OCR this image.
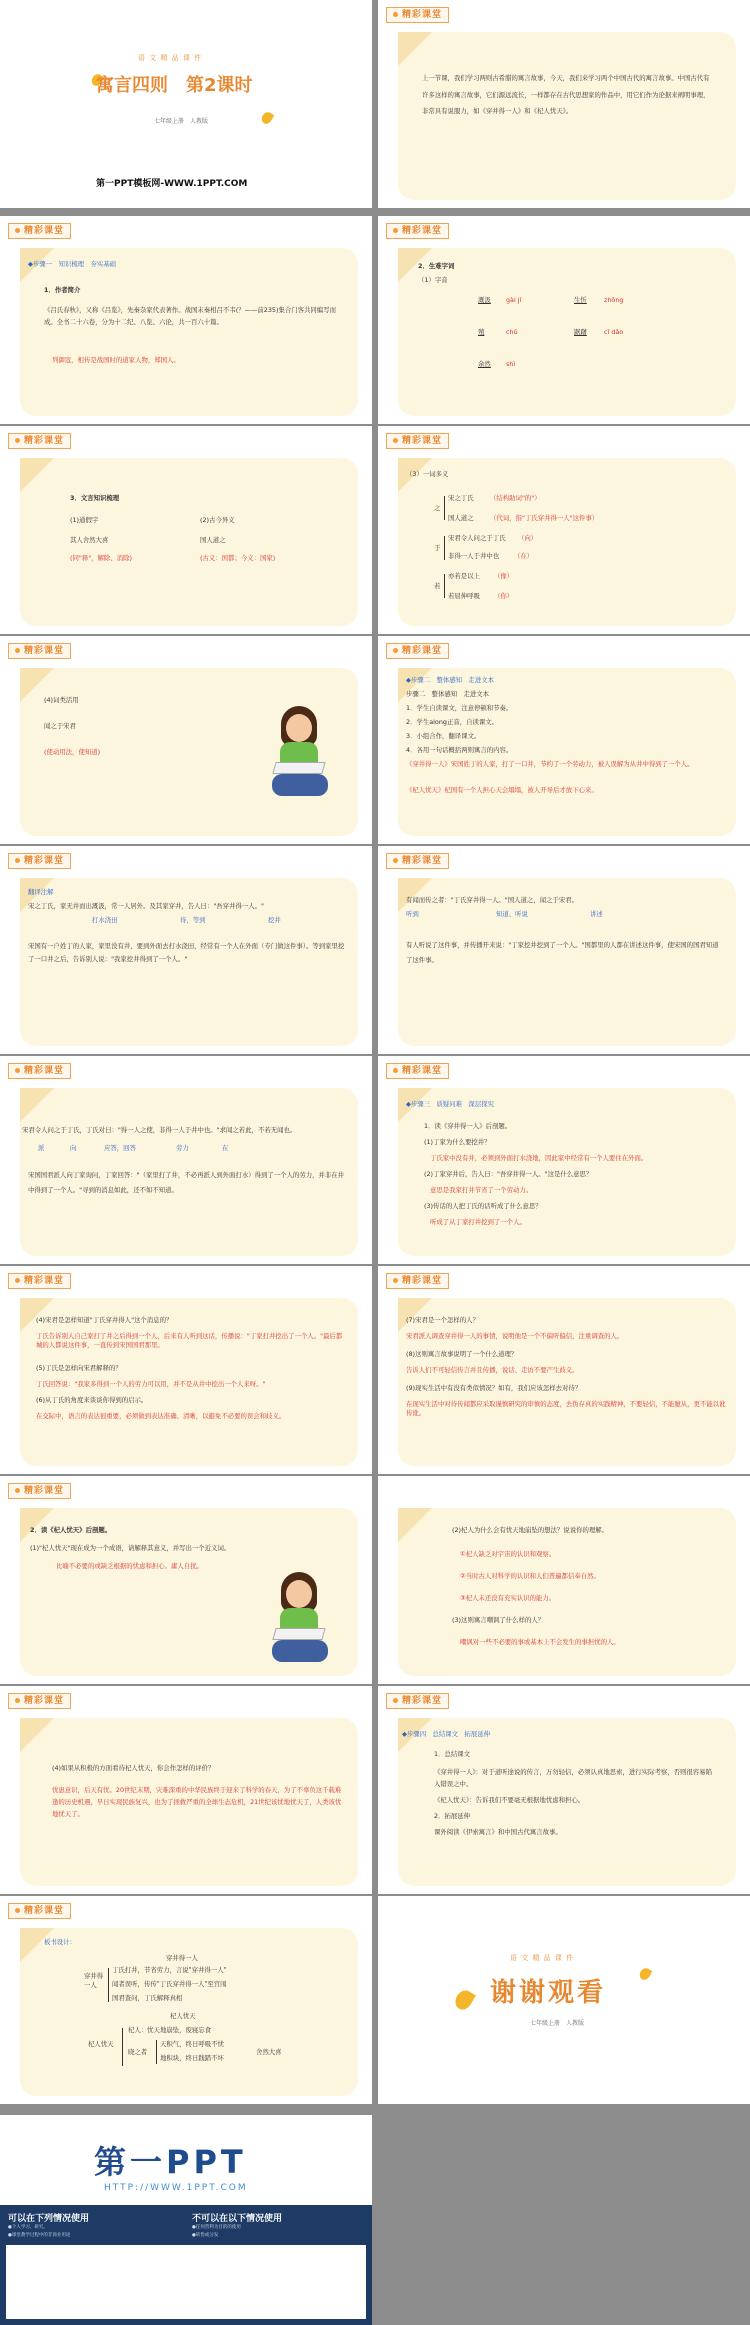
语 文 精 品 课 件
寓言四则　第2课时
七年级上册　人教版
第一PPT模板网-WWW.1PPT.COM
精彩课堂
上一节课，我们学习两则古希腊的寓言故事，今天，我们来学习两个中国古代的寓言故事。中国古代有许多这样的寓言故事，它们源远流长，一样都存在古代思想家的作品中，用它们作为论据来阐明事理，非常具有说服力，如《穿井得一人》和《杞人忧天》。
精彩课堂
◆步骤一　知识梳理　夯实基础
1．作者简介
《吕氏春秋》，又称《吕览》，先秦杂家代表著作。战国末秦相吕不韦(？——前235)集合门客共同编写而成。全书二十六卷，分为十二纪、八览、六论，共一百六十篇。
列御寇，相传是战国时的道家人物，郑国人。
精彩课堂
2．生难字词
（1）字音
溉汲 gài jí	生忻	zhōng
殖	chǔ	踞躇	cǐ dǎo
余然 shì
精彩课堂
3．文言知识梳理
(1)通假字	(2)古今异义
其人舍然大喜	国人道之
(同"释"，解除、消除)	(古义：国都；今义：国家)
精彩课堂
（3）一词多义
之
宋之丁氏	（结构助词"的"）
国人道之	（代词，指"丁氏穿井得一人"这件事）
于
宋君令人问之于丁氏 （向）
非得一人于井中也 （在）
若
亦若是以上 （像）
若屈伸呼吸 （你）
精彩课堂
(4)词类活用
闻之于宋君
(使动用法，使知道)
精彩课堂
◆步骤二　整体感知　走进文本
步骤二　整体感知　走进文本
1．学生自读课文，注意停顿和节奏。
2．学生along正音，自读课文。
3．小组合作，翻译课文。
4．各用一句话概括两则寓言的内容。
《穿井得一人》宋国姓丁的人家，打了一口井，节约了一个劳动力，被人误解为从井中得到了一个人。
《杞人忧天》杞国有一个人担心天会塌塌，被人开导后才放下心来。
精彩课堂
翻译注解
宋之丁氏，家无井而出溉汲，常一人居外。及其家穿井，告人曰："吾穿井得一人。"
打水浇田	待，等到	挖井
宋国有一户姓丁的人家，家里没有井，要到外面去打水浇田，经常有一个人在外面（专门做这件事）。等到家里挖了一口井之后，告诉别人说："我家挖井得到了一个人。"
精彩课堂
有闻而传之者："丁氏穿井得一人。"国人道之，闻之于宋君。
听到	知道、听说	讲述
有人听说了这件事，并传播开来说："丁家挖井挖到了一个人。"国都里的人都在讲述这件事，使宋国的国君知道了这件事。
精彩课堂
宋君令人问之于丁氏，丁氏对曰："得一人之使，非得一人于井中也。"求闻之若此，不若无闻也。
派	向	应答，回答	劳力	在
宋国国君派人向丁家询问，丁家回答："（家里打了井，不必再派人到外面打水）得到了一个人的劳力，并非在井中得到了一个人。"寻到的消息如此，还不如不知道。
精彩课堂
◆步骤三　质疑问难　深层探究
1．读《穿井得一人》后剖题。
(1)丁家为什么要挖井？
丁氏家中没有井，必须到外面打水浇地，因此家中经常有一个人要住在外面。
(2)丁家穿井后，告人曰："吾穿井得一人。"这是什么意思？
意思是我家打井节省了一个劳动力。
(3)传话的人把丁氏的话听成了什么意思？
听成了从丁家打井挖到了一个人。
精彩课堂
(4)宋君是怎样知道"丁氏穿井得人"这个消息的？
丁氏告诉别人自己家打了井之后得到一个人，后来有人听到这话，传播说："丁家打井挖出了一个人。"最后都城的人都说这件事，一直传到宋国国君那里。
(5)丁氏是怎样向宋君解释的？
丁氏回答说："我家多得到一个人的劳力可以用，并不是从井中挖出一个人来呀。"
(6)从丁氏的角度来谈谈你得到的启示。
在交际中，语言的表达很重要，必须做到表达准确、清晰，以避免不必要的误会和歧义。
精彩课堂
(7)宋君是一个怎样的人？
宋君派人调查穿井得一人的事情，说明他是一个不偏听偏信，注重调查的人。
(8)这则寓言故事说明了一个什么道理？
告诉人们不可轻信传言并且传播，说话、走访不要产生歧义。
(9)现实生活中有没有类似情况？如有，我们应该怎样去对待？
在现实生活中对待传闻都应采取谨慎研究的审慎的态度，去伪存真的实践精神，不要轻信，不能臆从，更不能以讹传讹。
精彩课堂
2．读《杞人忧天》后剖题。
(1)"杞人忧天"现在成为一个成语，请解释其意义，并写出一个近义词。
比喻不必要的或缺乏根据的忧虑和担心。庸人自扰。
(2)杞人为什么会有忧天地崩坠的想法？说说你的理解。
①杞人缺乏对宇宙的认识和观察。
②当时古人对科学的认识和人们普遍都信奉自然。
③杞人未还没有充实认识的能力。
(3)这则寓言嘲讽了什么样的人？
嘲讽对一些不必要的事或基本上不会发生的事担忧的人。
精彩课堂
(4)如果从积极的方面看待杞人忧天，你会作怎样的评价？
忧患意识，后天有忧。20世纪末期，灾难深重的中华民族终于迎来了科学的春天，为了不辜负这千载难逢的历史机遇，早日实现民族复兴，也为了拯救严重的全球生态危机，21世纪该忧地忧天了，人类该忧地忧天了。
精彩课堂
◆步骤四　总结课文　拓展延伸
1．总结课文
《穿井得一人》：对于道听途说的传言，万勿轻信，必须认真地思索，进行实际考察，否则很容易陷入错误之中。
《杞人忧天》：告诉我们不要毫无根据地忧虑和担心。
2．拓展延伸
课外阅读《伊索寓言》和中国古代寓言故事。
精彩课堂
板书设计：
穿井得一人
穿井得一人
丁氏打井，节省劳力，言说"穿井得一人"
闻者误听，传传"丁氏穿井得一人"至宫闱
国君查问，丁氏解释真相
杞人忧天
杞人忧天
杞人：忧天地崩坠，废寝忘食
晓之者
天积气，终日呼吸不忧
地积块，终日践踏不坏
舍然大喜
语 文 精 品 课 件
谢谢观看
七年级上册　人教版
第一PPT
HTTP://WWW.1PPT.COM
可以在下列情况使用
●个人学习、研究。
●课堂教学过程中的非商业用途
不可以在以下情况使用
●任何营利为目的的使用
●转售或分发
